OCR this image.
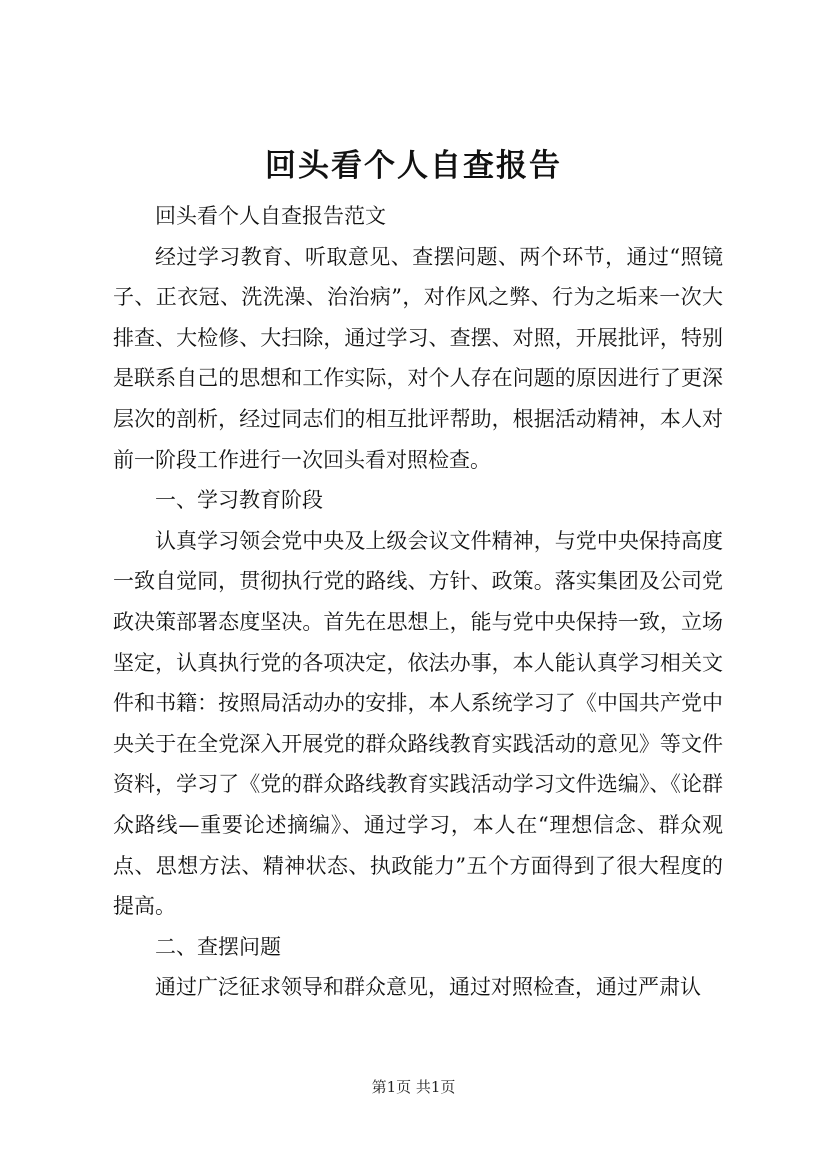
回头看个人自查报告

回头看个人自查报告范文

经过学习教育、听取意见、查摆问题、两个环节，通过“照镜子、正衣冠、洗洗澡、治治病”，对作风之弊、行为之垢来一次大排查、大检修、大扫除，通过学习、查摆、对照，开展批评，特别是联系自己的思想和工作实际，对个人存在问题的原因进行了更深层次的剖析，经过同志们的相互批评帮助，根据活动精神，本人对前一阶段工作进行一次回头看对照检查。

一、学习教育阶段

认真学习领会党中央及上级会议文件精神，与党中央保持高度一致自觉同，贯彻执行党的路线、方针、政策。落实集团及公司党政决策部署态度坚决。首先在思想上，能与党中央保持一致，立场坚定，认真执行党的各项决定，依法办事，本人能认真学习相关文件和书籍：按照局活动办的安排，本人系统学习了《中国共产党中央关于在全党深入开展党的群众路线教育实践活动的意见》等文件资料，学习了《党的群众路线教育实践活动学习文件选编》、《论群众路线—重要论述摘编》、通过学习，本人在“理想信念、群众观点、思想方法、精神状态、执政能力”五个方面得到了很大程度的提高。

二、查摆问题

通过广泛征求领导和群众意见，通过对照检查，通过严肃认

第1页 共1页
